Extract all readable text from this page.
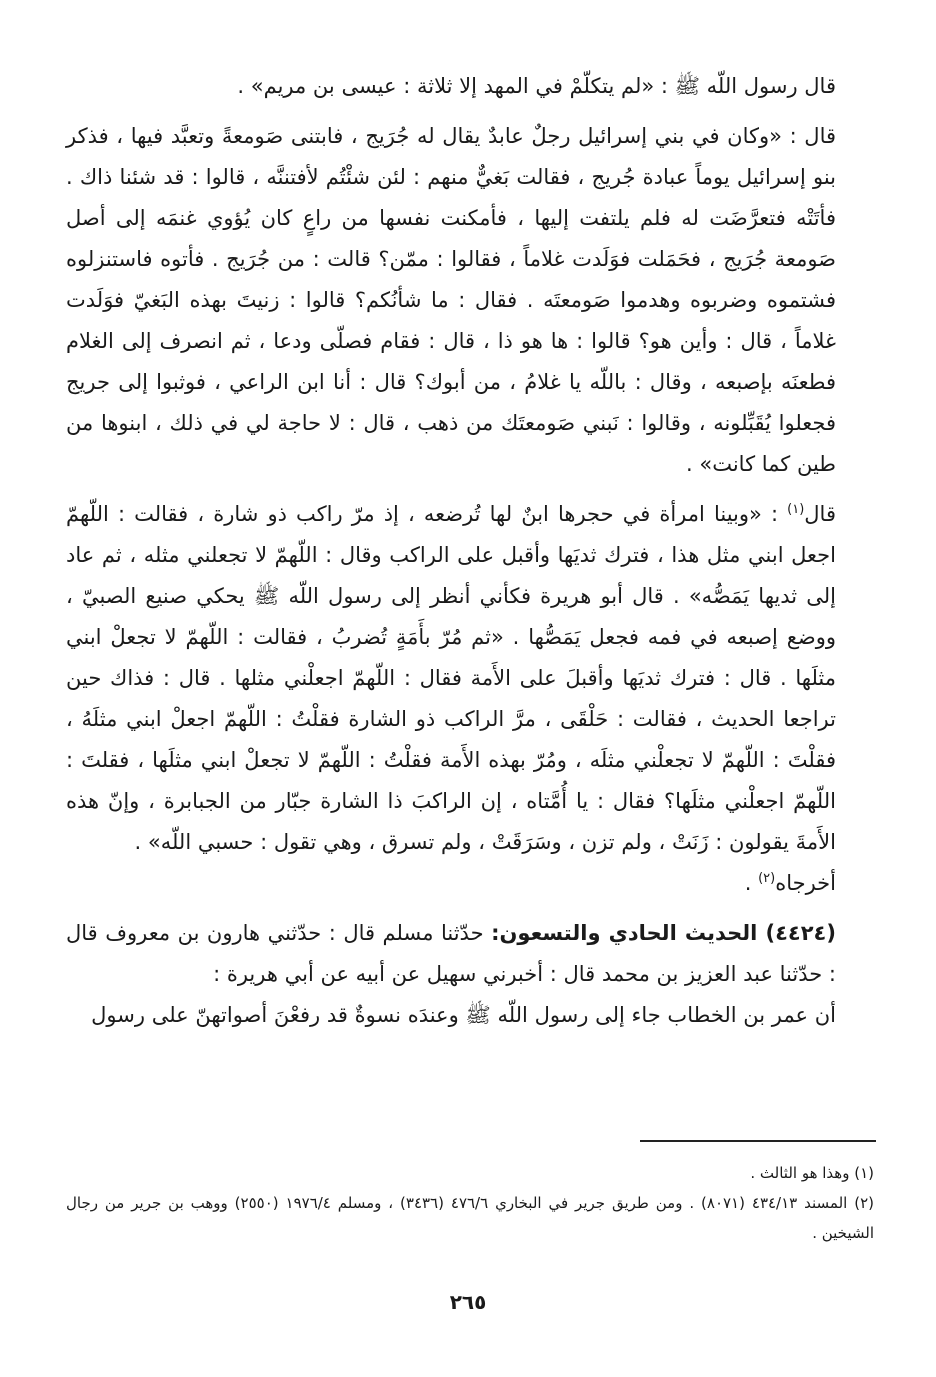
قال رسول اللّه ﷺ : «لم يتكلّمْ في المهد إلا ثلاثة : عيسى بن مريم» .

قال : «وكان في بني إسرائيل رجلٌ عابدٌ يقال له جُرَيج ، فابتنى صَومعةً وتعبَّد فيها ، فذكر بنو إسرائيل يوماً عبادة جُريج ، فقالت بَغيٌّ منهم : لئن شئْتُم لأفتننَّه ، قالوا : قد شئنا ذاك . فأتَتْه فتعرَّضَت له فلم يلتفت إليها ، فأمكنت نفسها من راعٍ كان يُؤوي غنمَه إلى أصل صَومعة جُرَيج ، فحَمَلت فوَلَدت غلاماً ، فقالوا : ممّن؟ قالت : من جُرَيج . فأتوه فاستنزلوه فشتموه وضربوه وهدموا صَومعتَه . فقال : ما شأنُكم؟ قالوا : زنيتَ بهذه البَغيّ فوَلَدت غلاماً ، قال : وأين هو؟ قالوا : ها هو ذا ، قال : فقام فصلّى ودعا ، ثم انصرف إلى الغلام فطعنَه بإصبعه ، وقال : باللّه يا غلامُ ، من أبوك؟ قال : أنا ابن الراعي ، فوثبوا إلى جريج فجعلوا يُقَبِّلونه ، وقالوا : نَبني صَومعتَك من ذهب ، قال : لا حاجة لي في ذلك ، ابنوها من طين كما كانت» .

قال$^{(١)}$ : «وبينا امرأة في حجرها ابنٌ لها تُرضعه ، إذ مرّ راكب ذو شارة ، فقالت : اللّهمّ اجعل ابني مثل هذا ، فترك ثديَها وأقبل على الراكب وقال : اللّهمّ لا تجعلني مثله ، ثم عاد إلى ثديها يَمَصُّه» . قال أبو هريرة فكأني أنظر إلى رسول اللّه ﷺ يحكي صنيع الصبيّ ، ووضع إصبعه في فمه فجعل يَمَصُّها . «ثم مُرّ بأَمَةٍ تُضربُ ، فقالت : اللّهمّ لا تجعلْ ابني مثلَها . قال : فترك ثديَها وأقبلَ على الأَمة فقال : اللّهمّ اجعلْني مثلها . قال : فذاك حين تراجعا الحديث ، فقالت : حَلْقَى ، مرَّ الراكب ذو الشارة فقلْتُ : اللّهمّ اجعلْ ابني مثلَهُ ، فقلْتَ : اللّهمّ لا تجعلْني مثلَه ، ومُرّ بهذه الأَمة فقلْتُ : اللّهمّ لا تجعلْ ابني مثلَها ، فقلتَ : اللّهمّ اجعلْني مثلَها؟ فقال : يا أُمَّتاه ، إن الراكبَ ذا الشارة جبّار من الجبابرة ، وإنّ هذه الأَمةَ يقولون : زَنَتْ ، ولم تزن ، وسَرَقَتْ ، ولم تسرق ، وهي تقول : حسبي اللّه» .

أخرجاه$^{(٢)}$ .

(٤٤٢٤) الحديث الحادي والتسعون: حدّثنا مسلم قال : حدّثني هارون بن معروف قال : حدّثنا عبد العزيز بن محمد قال : أخبرني سهيل عن أبيه عن أبي هريرة :

أن عمر بن الخطاب جاء إلى رسول اللّه ﷺ وعندَه نسوةٌ قد رفعْنَ أصواتهنّ على رسول

(١) وهذا هو الثالث .

(٢) المسند ٤٣٤/١٣ (٨٠٧١) . ومن طريق جرير في البخاري ٤٧٦/٦ (٣٤٣٦) ، ومسلم ١٩٧٦/٤ (٢٥٥٠) ووهب بن جرير من رجال الشيخين .

٢٦٥
